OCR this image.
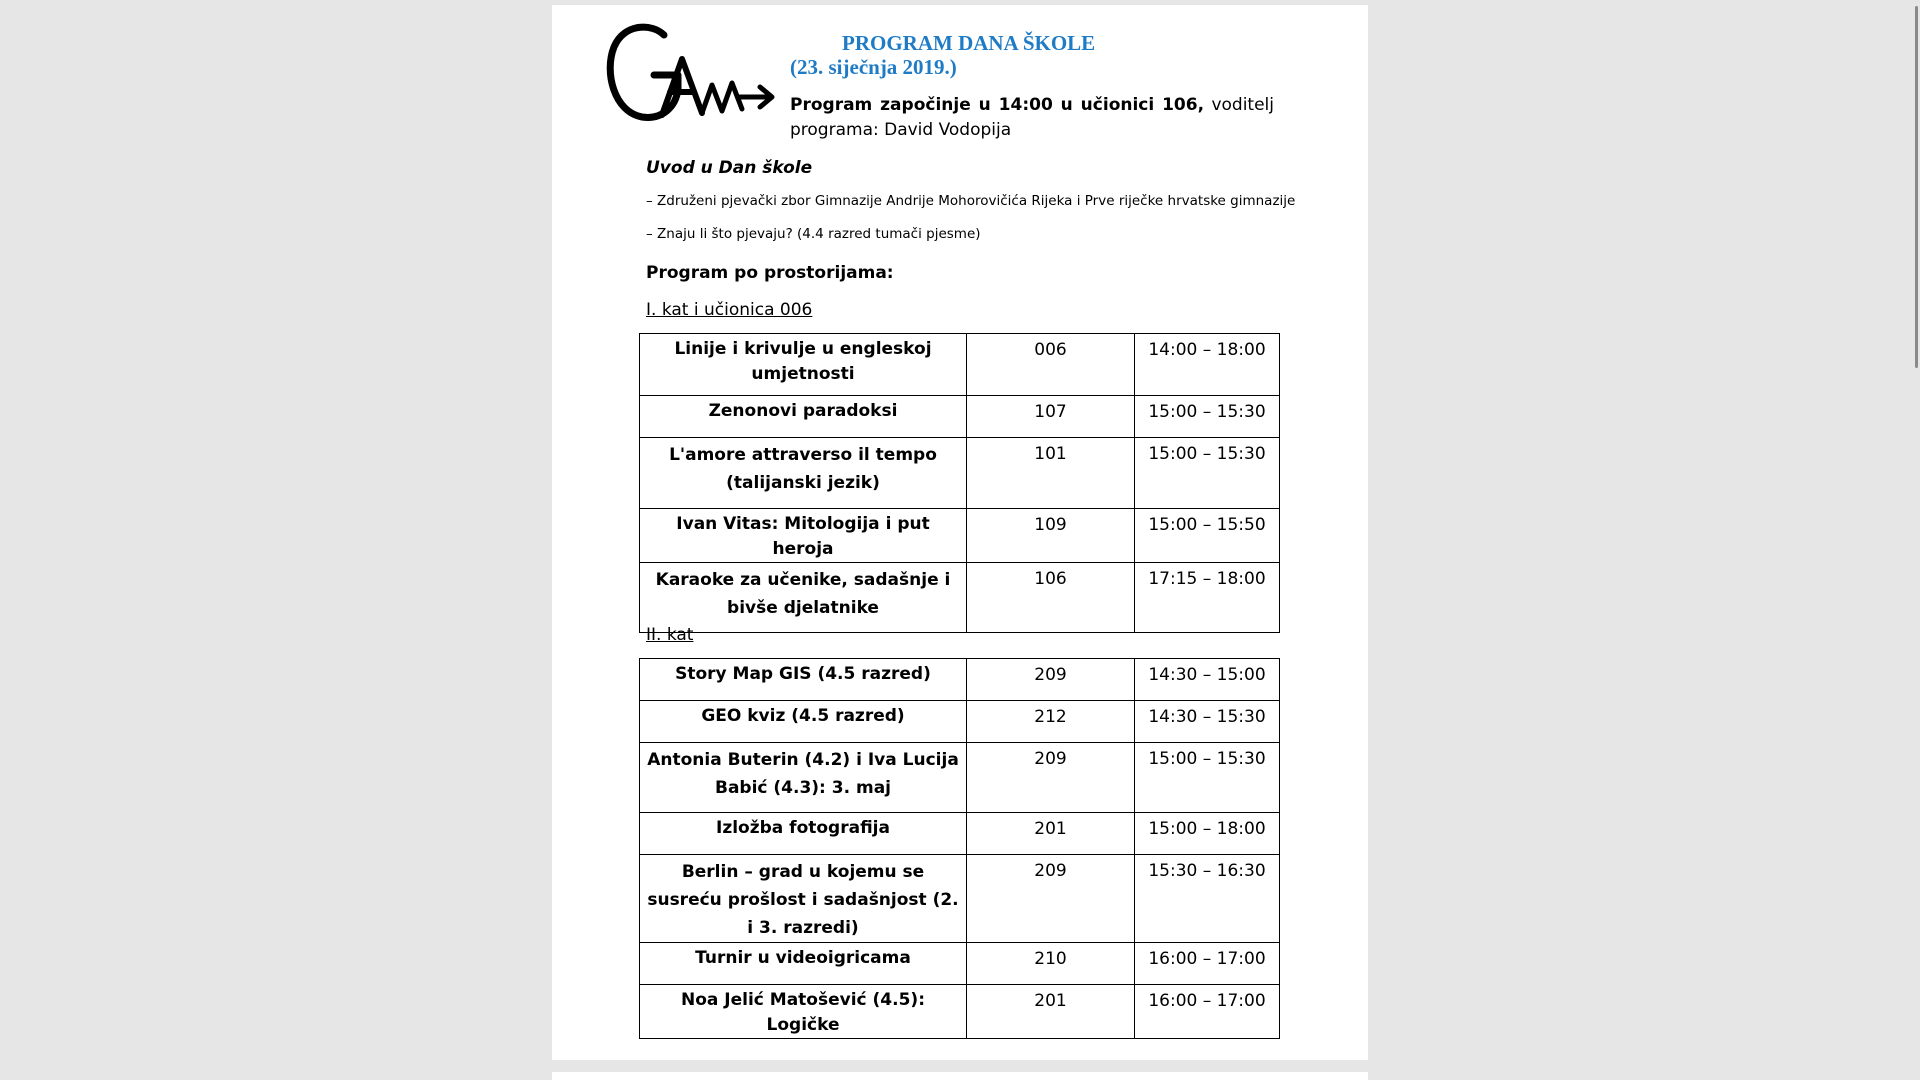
PROGRAM DANA ŠKOLE
(23. siječnja 2019.)
Program započinje u 14:00 u učionici 106, voditelj programa: David Vodopija
Uvod u Dan škole
– Združeni pjevački zbor Gimnazije Andrije Mohorovičića Rijeka i Prve riječke hrvatske gimnazije
– Znaju li što pjevaju? (4.4 razred tumači pjesme)
Program po prostorijama:
I. kat i učionica 006
Linije i krivulje u engleskoj umjetnosti	006	14:00 – 18:00
Zenonovi paradoksi	107	15:00 – 15:30
L'amore attraverso il tempo (talijanski jezik)	101	15:00 – 15:30
Ivan Vitas: Mitologija i put heroja	109	15:00 – 15:50
Karaoke za učenike, sadašnje i bivše djelatnike	106	17:15 – 18:00
II. kat
Story Map GIS (4.5 razred)	209	14:30 – 15:00
GEO kviz (4.5 razred)	212	14:30 – 15:30
Antonia Buterin (4.2) i Iva Lucija Babić (4.3): 3. maj	209	15:00 – 15:30
Izložba fotografija	201	15:00 – 18:00
Berlin – grad u kojemu se susreću prošlost i sadašnjost (2. i 3. razredi)	209	15:30 – 16:30
Turnir u videoigricama	210	16:00 – 17:00
Noa Jelić Matošević (4.5): Logičke	201	16:00 – 17:00
